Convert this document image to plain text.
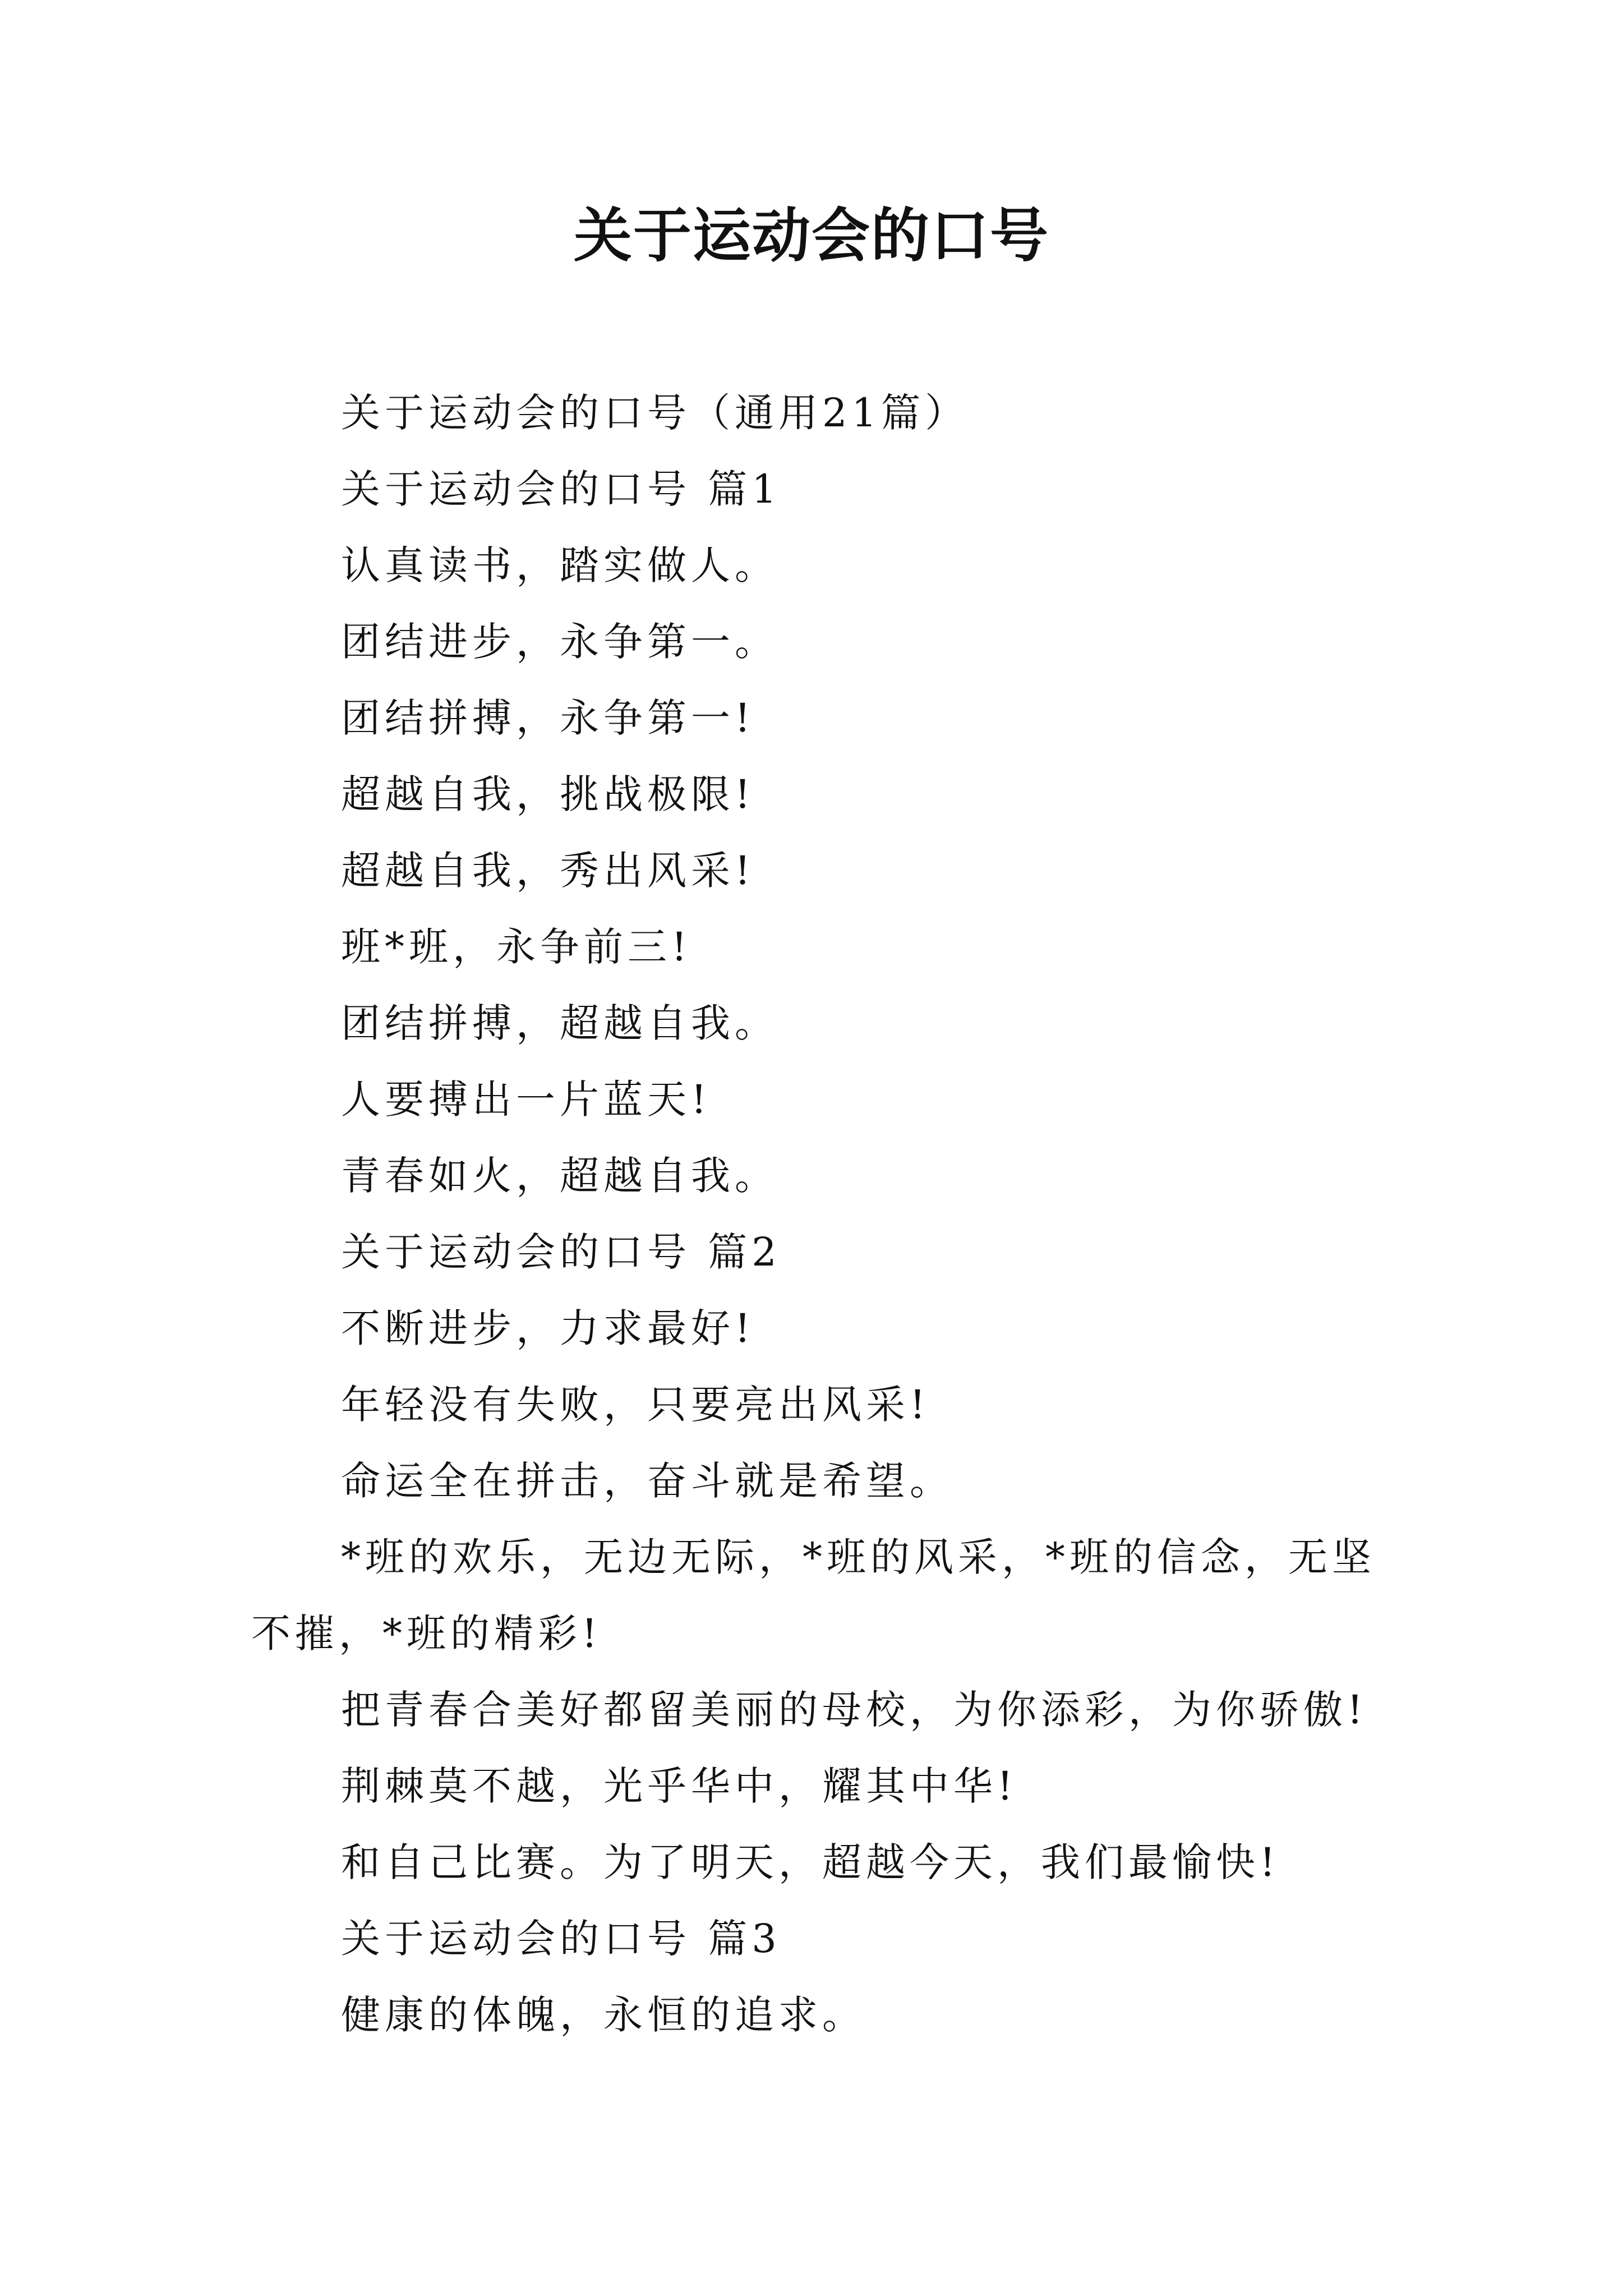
关于运动会的口号

关于运动会的口号（通用21篇）

关于运动会的口号 篇1

认真读书，踏实做人。

团结进步，永争第一。

团结拼搏，永争第一!

超越自我，挑战极限!

超越自我，秀出风采!

班*班，永争前三!

团结拼搏，超越自我。

人要搏出一片蓝天!

青春如火，超越自我。

关于运动会的口号 篇2

不断进步，力求最好!

年轻没有失败，只要亮出风采!

命运全在拼击，奋斗就是希望。

*班的欢乐，无边无际，*班的风采，*班的信念，无坚不摧，*班的精彩!

把青春合美好都留美丽的母校，为你添彩，为你骄傲!

荆棘莫不越，光乎华中，耀其中华!

和自己比赛。为了明天，超越今天，我们最愉快!

关于运动会的口号 篇3

健康的体魄，永恒的追求。
